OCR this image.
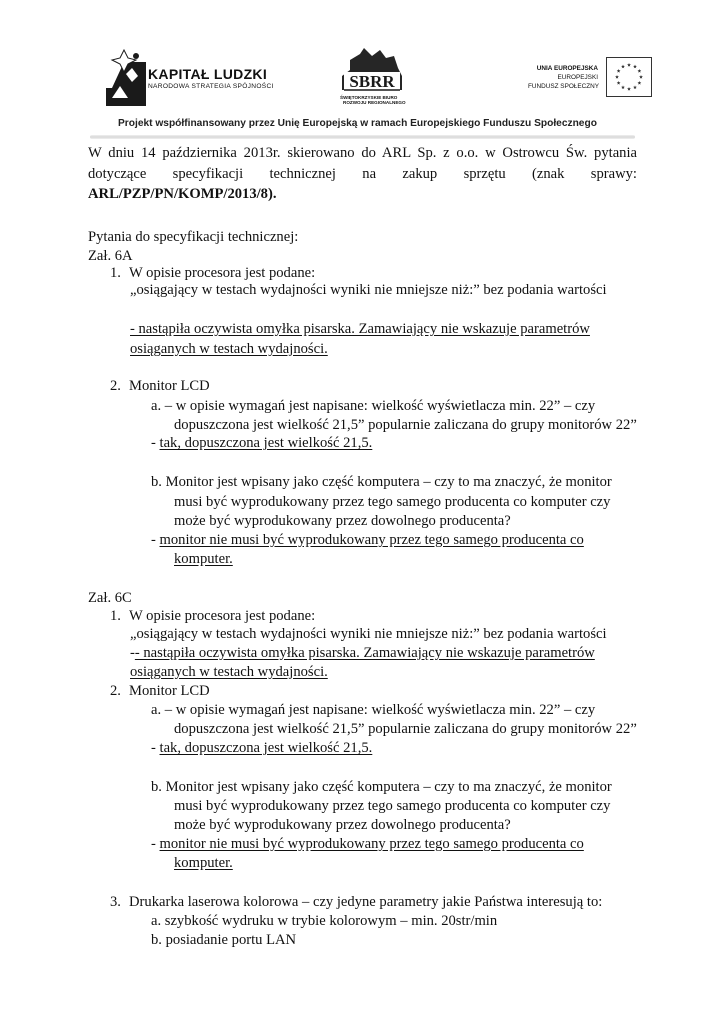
KAPITAŁ LUDZKI
NARODOWA STRATEGIA SPÓJNOŚCI	SBRR
ŚWIĘTOKRZYSKIE BIURO
ROZWOJU REGIONALNEGO
UNIA EUROPEJSKA
EUROPEJSKI
FUNDUSZ SPOŁECZNY
Projekt współfinansowany przez Unię Europejską w ramach Europejskiego Funduszu Społecznego
W dniu 14 października 2013r. skierowano do ARL Sp. z o.o. w Ostrowcu Św. pytania
dotyczące specyfikacji technicznej na zakup sprzętu (znak sprawy:
ARL/PZP/PN/KOMP/2013/8).
Pytania do specyfikacji technicznej:
Zał. 6A
1. W opisie procesora jest podane:
„osiągający w testach wydajności wyniki nie mniejsze niż:” bez podania wartości
- nastąpiła oczywista omyłka pisarska. Zamawiający nie wskazuje parametrów
osiąganych w testach wydajności.
2. Monitor LCD
a. – w opisie wymagań jest napisane: wielkość wyświetlacza min. 22” – czy
dopuszczona jest wielkość 21,5” popularnie zaliczana do grupy monitorów 22”
- tak, dopuszczona jest wielkość 21,5.
b. Monitor jest wpisany jako część komputera – czy to ma znaczyć, że monitor
musi być wyprodukowany przez tego samego producenta co komputer czy
może być wyprodukowany przez dowolnego producenta?
- monitor nie musi być wyprodukowany przez tego samego producenta co
komputer.
Zał. 6C
1. W opisie procesora jest podane:
„osiągający w testach wydajności wyniki nie mniejsze niż:” bez podania wartości
-- nastąpiła oczywista omyłka pisarska. Zamawiający nie wskazuje parametrów
osiąganych w testach wydajności.
2. Monitor LCD
a. – w opisie wymagań jest napisane: wielkość wyświetlacza min. 22” – czy
dopuszczona jest wielkość 21,5” popularnie zaliczana do grupy monitorów 22”
- tak, dopuszczona jest wielkość 21,5.
b. Monitor jest wpisany jako część komputera – czy to ma znaczyć, że monitor
musi być wyprodukowany przez tego samego producenta co komputer czy
może być wyprodukowany przez dowolnego producenta?
- monitor nie musi być wyprodukowany przez tego samego producenta co
komputer.
3. Drukarka laserowa kolorowa – czy jedyne parametry jakie Państwa interesują to:
a. szybkość wydruku w trybie kolorowym – min. 20str/min
b. posiadanie portu LAN
